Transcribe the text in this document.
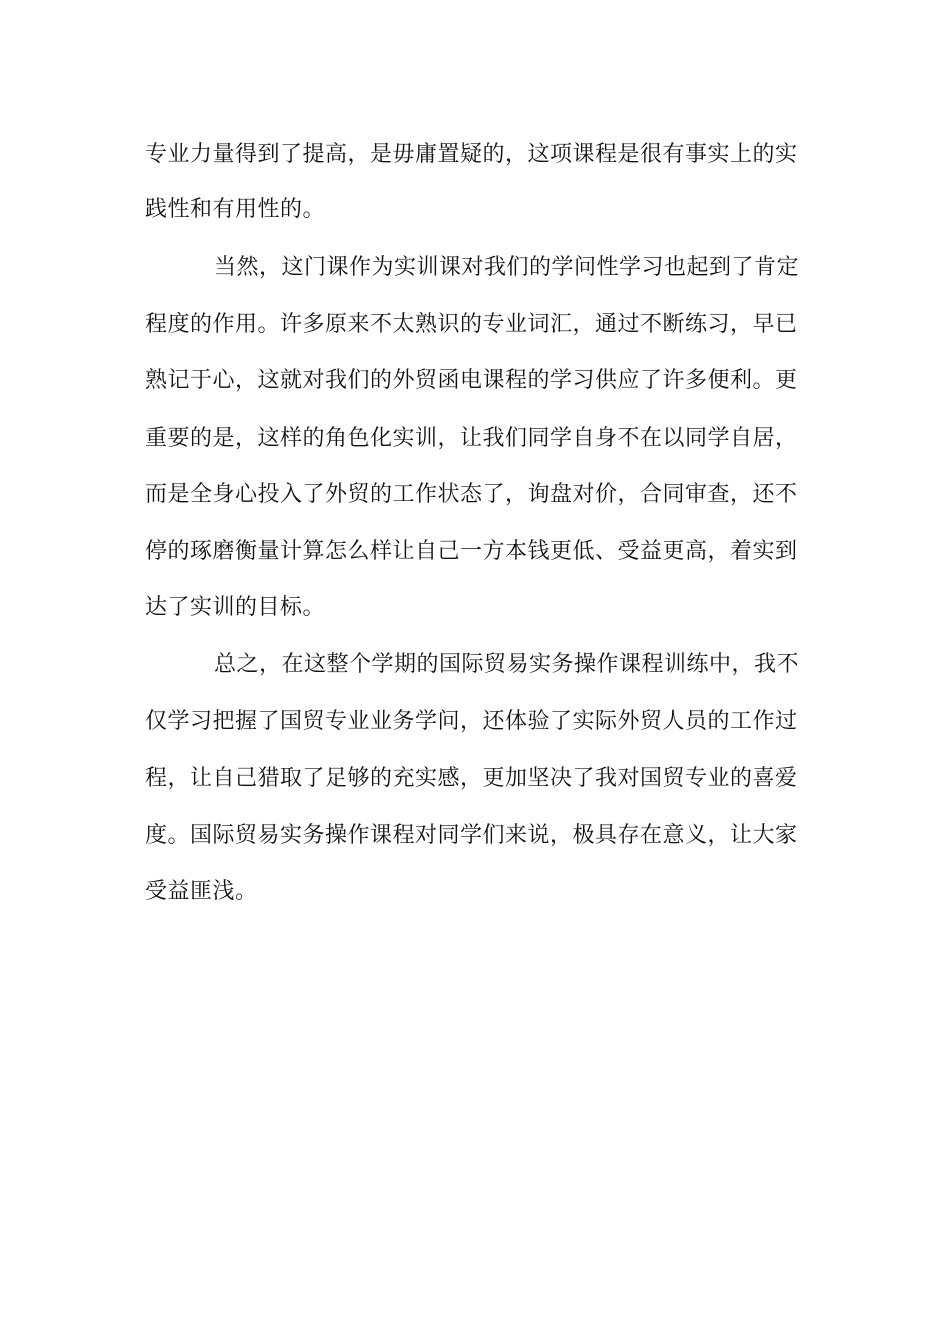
专业力量得到了提高，是毋庸置疑的，这项课程是很有事实上的实

践性和有用性的。

当然，这门课作为实训课对我们的学问性学习也起到了肯定

程度的作用。许多原来不太熟识的专业词汇，通过不断练习，早已

熟记于心，这就对我们的外贸函电课程的学习供应了许多便利。更

重要的是，这样的角色化实训，让我们同学自身不在以同学自居，

而是全身心投入了外贸的工作状态了，询盘对价，合同审查，还不

停的琢磨衡量计算怎么样让自己一方本钱更低、受益更高，着实到

达了实训的目标。

总之，在这整个学期的国际贸易实务操作课程训练中，我不

仅学习把握了国贸专业业务学问，还体验了实际外贸人员的工作过

程，让自己猎取了足够的充实感，更加坚决了我对国贸专业的喜爱

度。国际贸易实务操作课程对同学们来说，极具存在意义，让大家

受益匪浅。
